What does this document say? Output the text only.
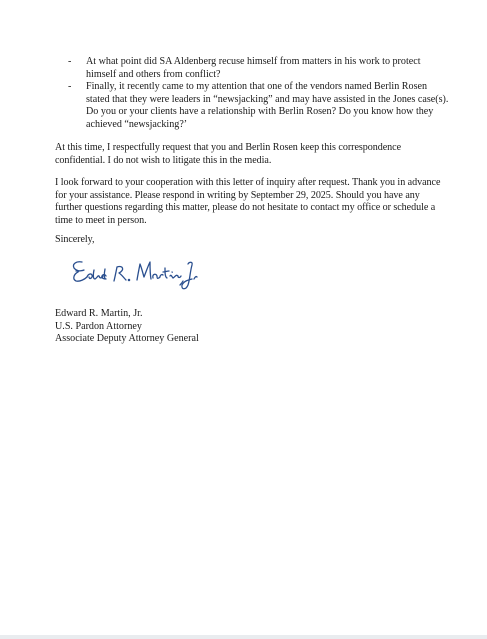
- At what point did SA Aldenberg recuse himself from matters in his work to protect
himself and others from conflict?
- Finally, it recently came to my attention that one of the vendors named Berlin Rosen
stated that they were leaders in “newsjacking” and may have assisted in the Jones case(s).
Do you or your clients have a relationship with Berlin Rosen? Do you know how they
achieved “newsjacking?’
At this time, I respectfully request that you and Berlin Rosen keep this correspondence
confidential. I do not wish to litigate this in the media.
I look forward to your cooperation with this letter of inquiry after request. Thank you in advance
for your assistance. Please respond in writing by September 29, 2025. Should you have any
further questions regarding this matter, please do not hesitate to contact my office or schedule a
time to meet in person.
Sincerely,
Edward R. Martin, Jr.
U.S. Pardon Attorney
Associate Deputy Attorney General
